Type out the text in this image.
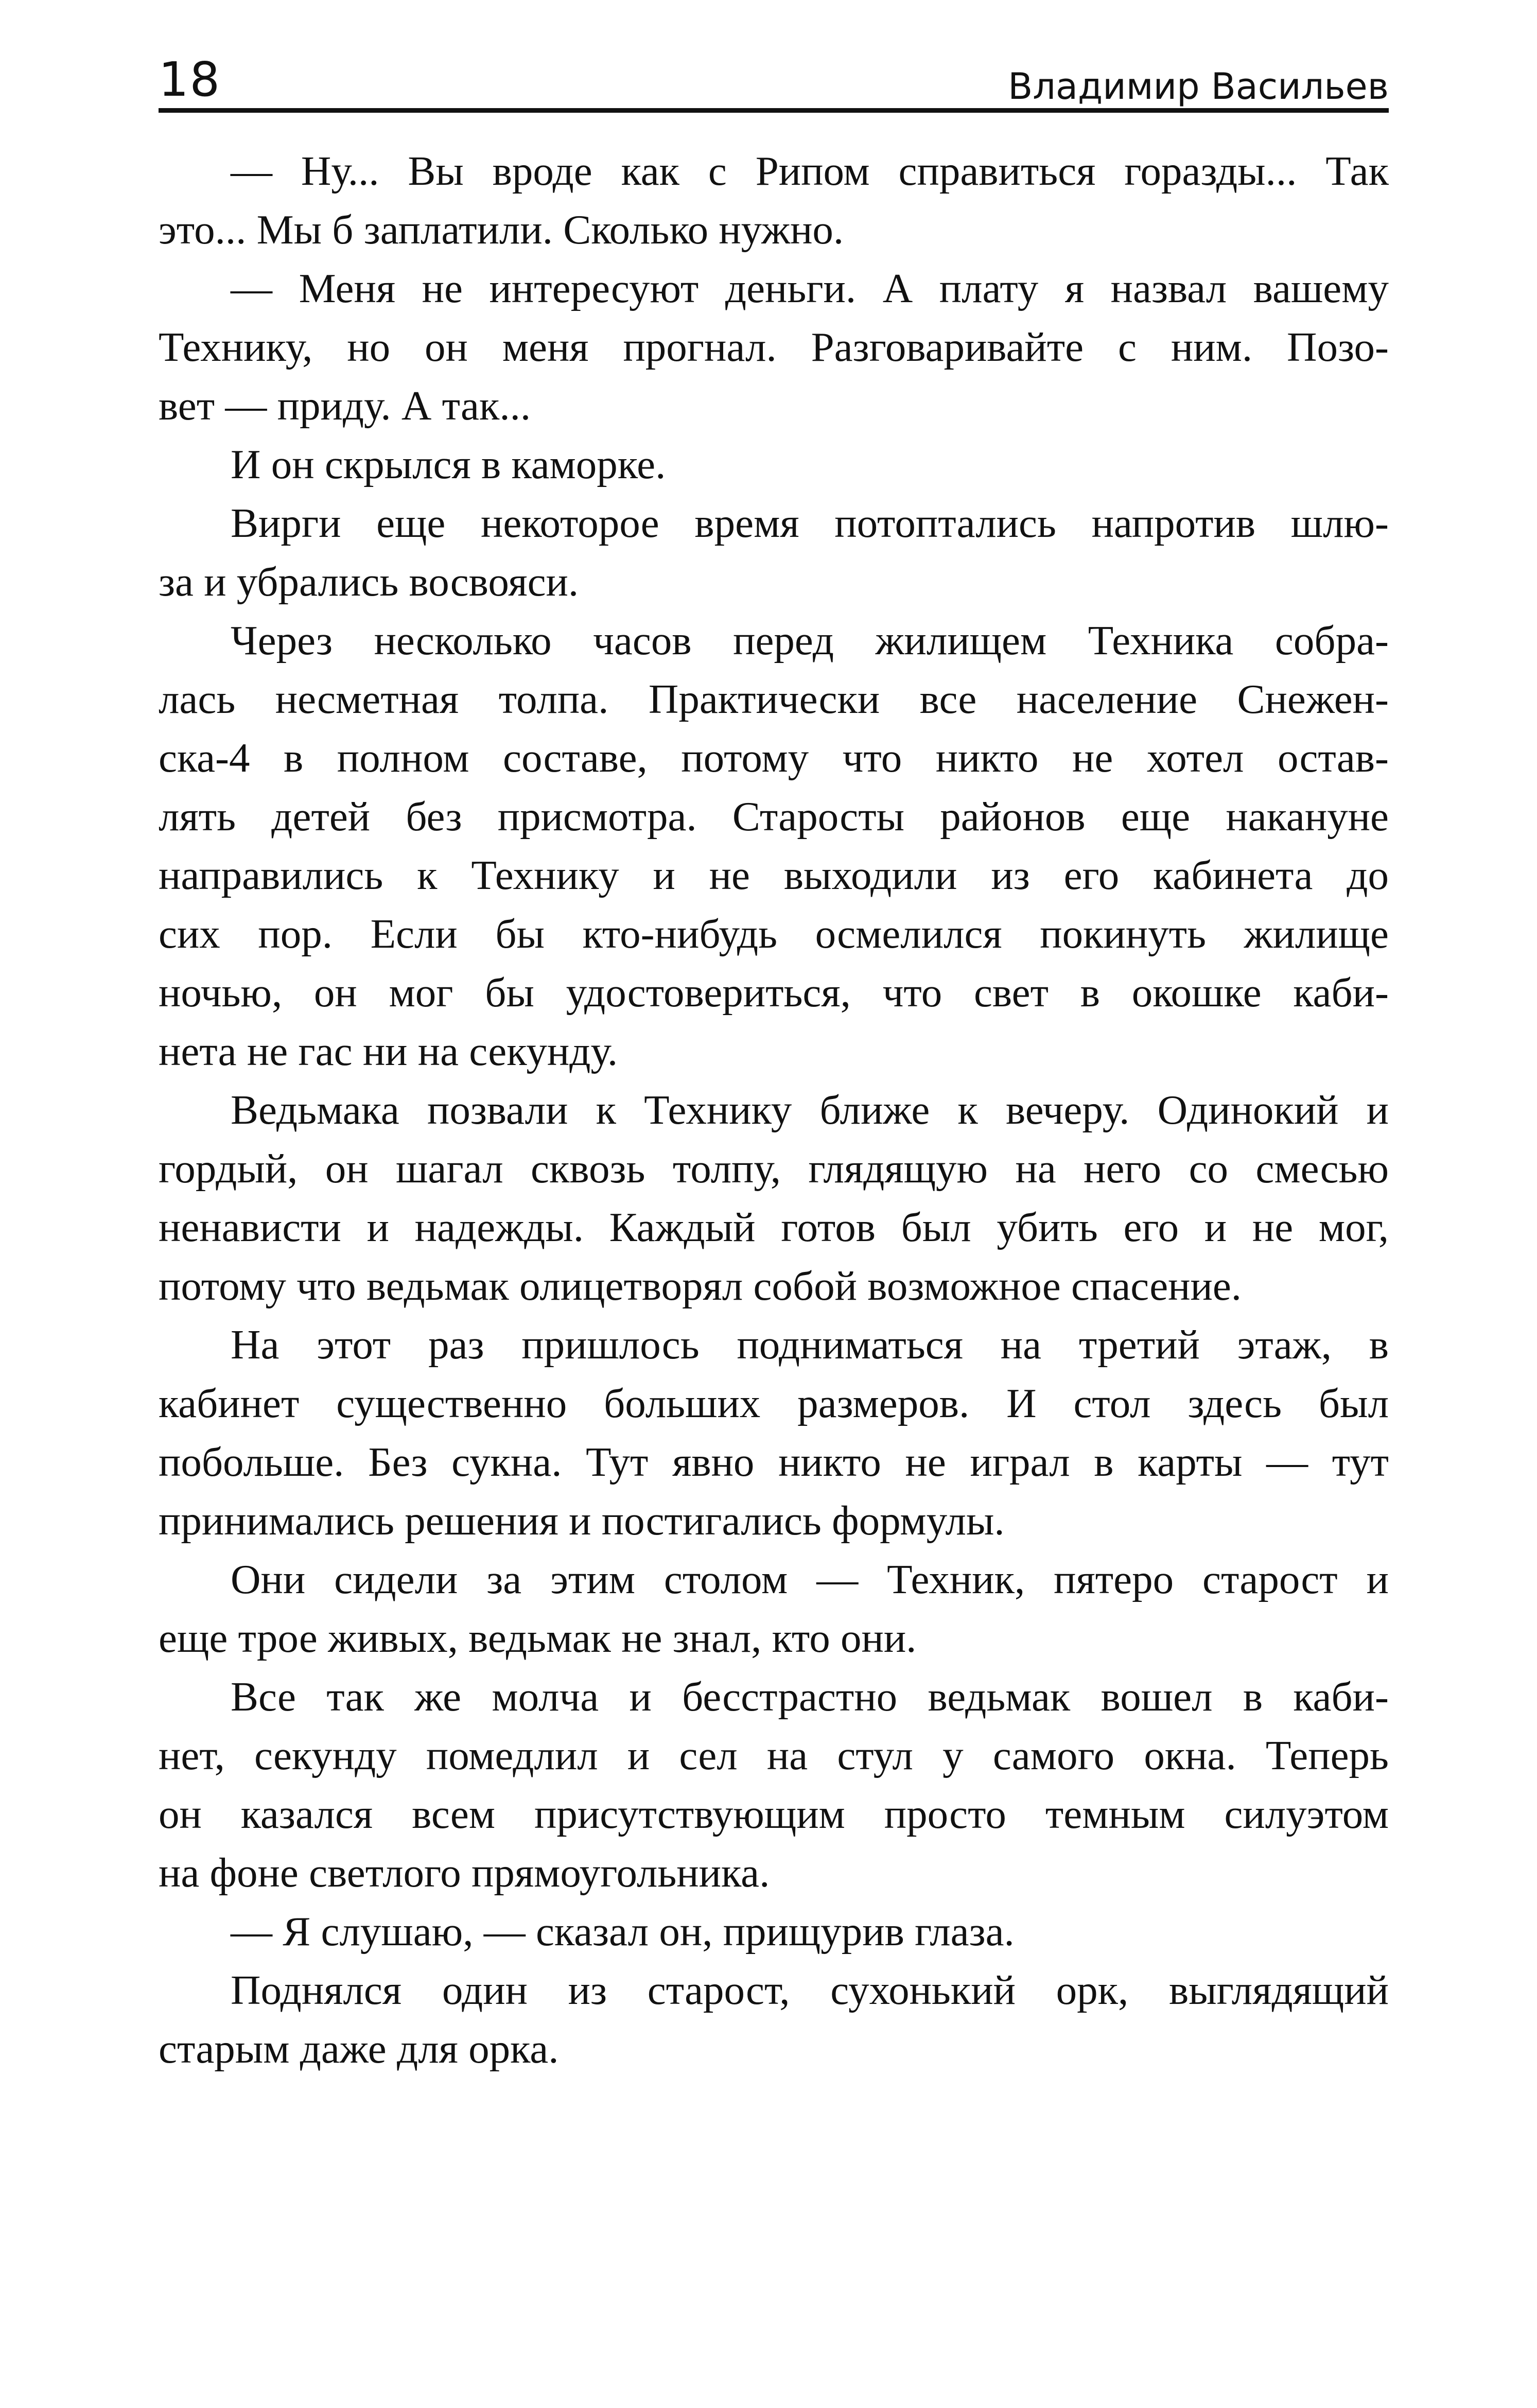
18	Владимир Васильев
— Ну... Вы вроде как с Рипом справиться горазды... Так
это... Мы б заплатили. Сколько нужно.
— Меня не интересуют деньги. А плату я назвал вашему
Технику, но он меня прогнал. Разговаривайте с ним. Позо-
вет — приду. А так...
И он скрылся в каморке.
Вирги еще некоторое время потоптались напротив шлю-
за и убрались восвояси.
Через несколько часов перед жилищем Техника собра-
лась несметная толпа. Практически все население Снежен-
ска-4 в полном составе, потому что никто не хотел остав-
лять детей без присмотра. Старосты районов еще накануне
направились к Технику и не выходили из его кабинета до
сих пор. Если бы кто-нибудь осмелился покинуть жилище
ночью, он мог бы удостовериться, что свет в окошке каби-
нета не гас ни на секунду.
Ведьмака позвали к Технику ближе к вечеру. Одинокий и
гордый, он шагал сквозь толпу, глядящую на него со смесью
ненависти и надежды. Каждый готов был убить его и не мог,
потому что ведьмак олицетворял собой возможное спасение.
На этот раз пришлось подниматься на третий этаж, в
кабинет существенно больших размеров. И стол здесь был
побольше. Без сукна. Тут явно никто не играл в карты — тут
принимались решения и постигались формулы.
Они сидели за этим столом — Техник, пятеро старост и
еще трое живых, ведьмак не знал, кто они.
Все так же молча и бесстрастно ведьмак вошел в каби-
нет, секунду помедлил и сел на стул у самого окна. Теперь
он казался всем присутствующим просто темным силуэтом
на фоне светлого прямоугольника.
— Я слушаю, — сказал он, прищурив глаза.
Поднялся один из старост, сухонький орк, выглядящий
старым даже для орка.
